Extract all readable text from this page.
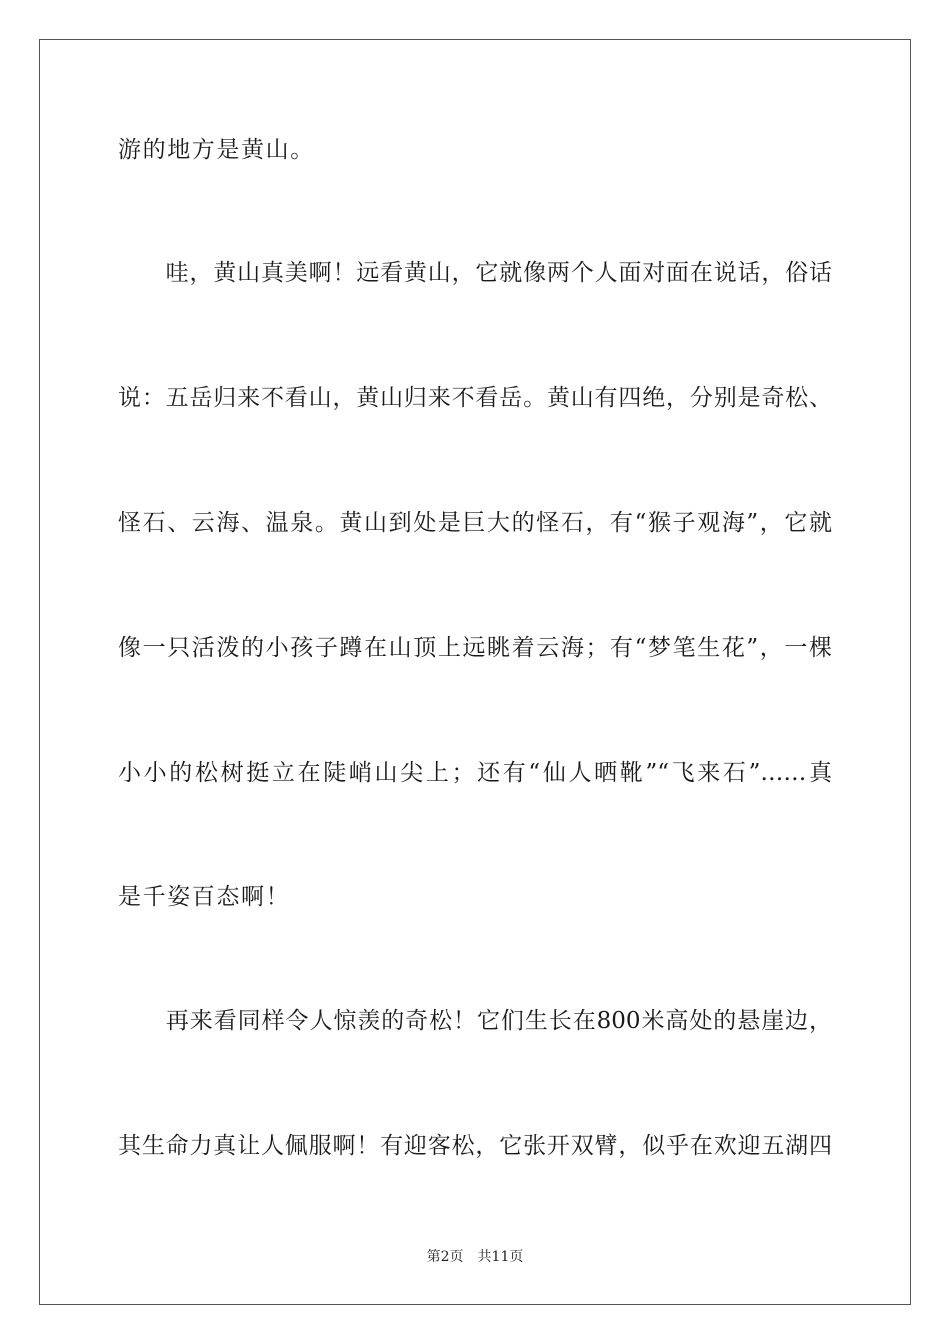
游的地方是黄山。
　　哇，黄山真美啊！远看黄山，它就像两个人面对面在说话，俗话
说：五岳归来不看山，黄山归来不看岳。黄山有四绝，分别是奇松、
怪石、云海、温泉。黄山到处是巨大的怪石，有“猴子观海”，它就
像一只活泼的小孩子蹲在山顶上远眺着云海；有“梦笔生花”，一棵
小小的松树挺立在陡峭山尖上；还有“仙人晒靴”“飞来石”……真
是千姿百态啊！
　　再来看同样令人惊羡的奇松！它们生长在800米高处的悬崖边，
其生命力真让人佩服啊！有迎客松，它张开双臂，似乎在欢迎五湖四
第2页 共11页
